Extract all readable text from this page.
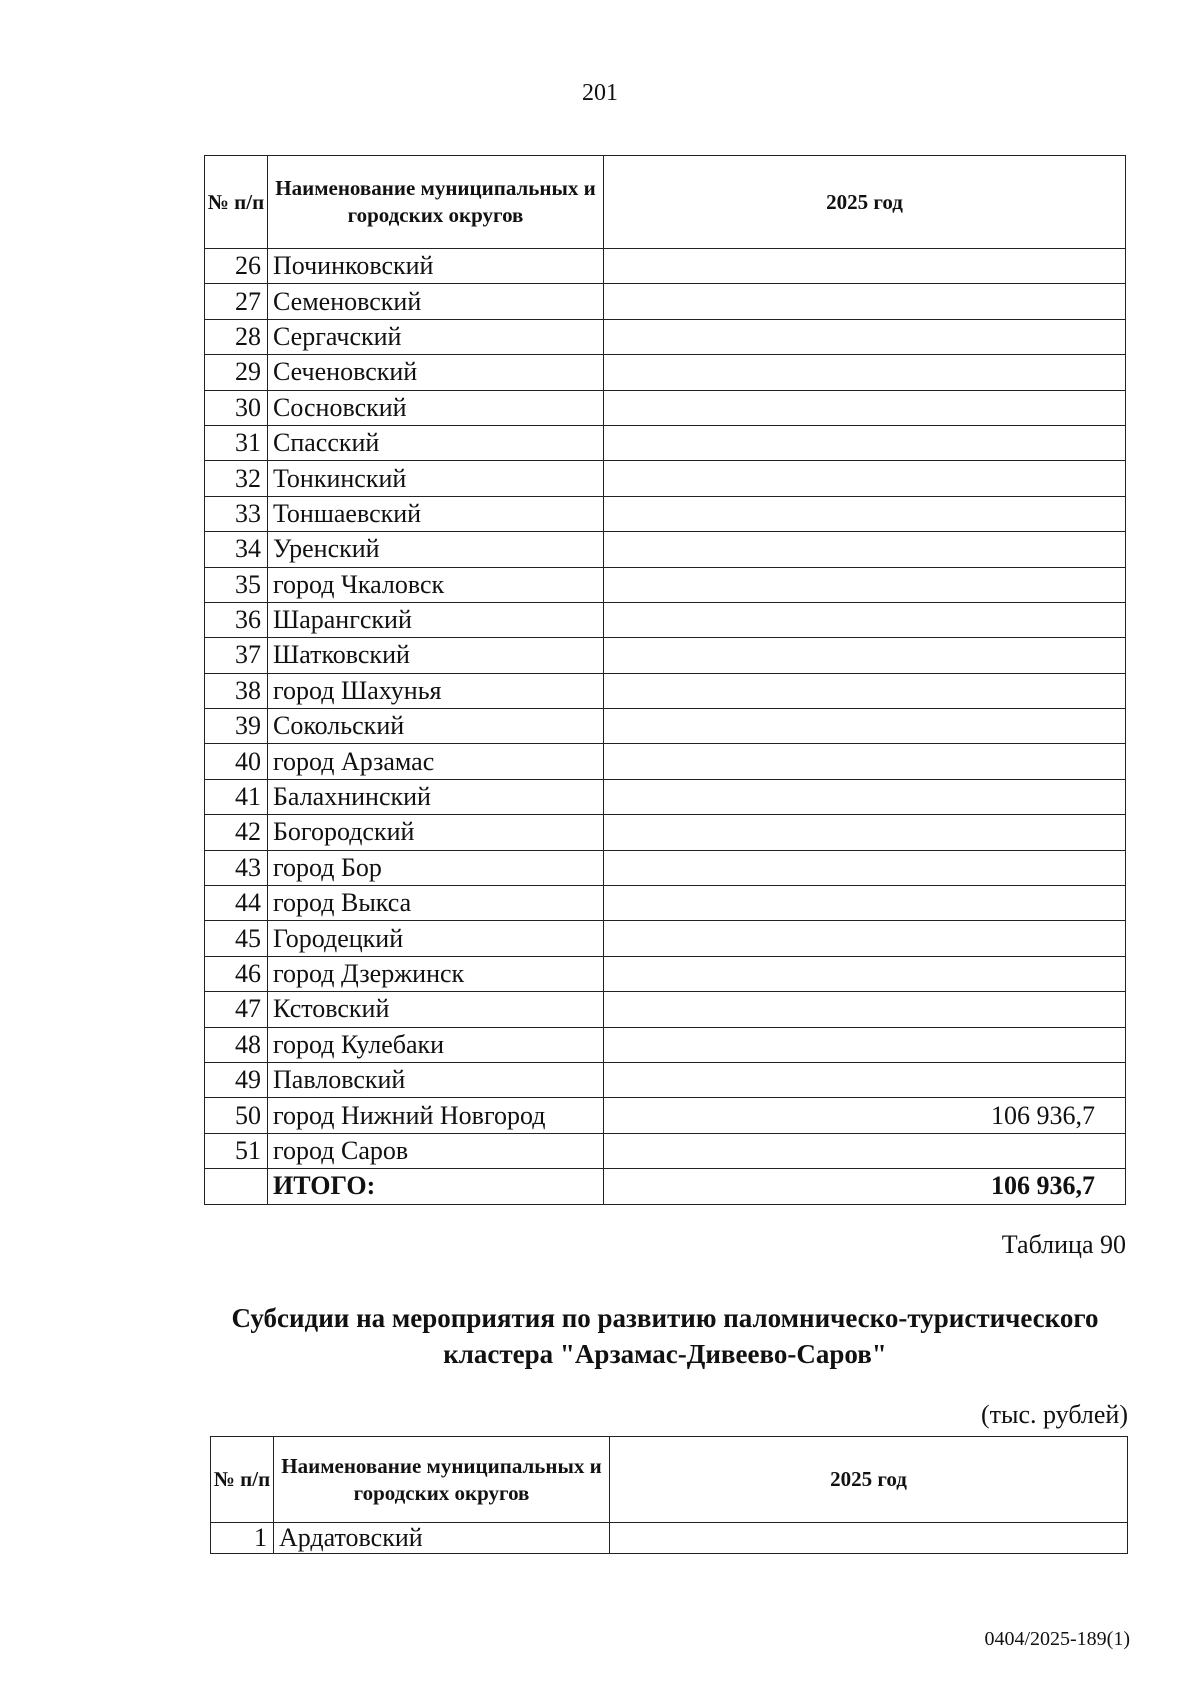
201
№ п/п	Наименование муниципальных и городских округов	2025 год
26	Починковский	
27	Семеновский	
28	Сергачский	
29	Сеченовский	
30	Сосновский	
31	Спасский	
32	Тонкинский	
33	Тоншаевский	
34	Уренский	
35	город Чкаловск	
36	Шарангский	
37	Шатковский	
38	город Шахунья	
39	Сокольский	
40	город Арзамас	
41	Балахнинский	
42	Богородский	
43	город Бор	
44	город Выкса	
45	Городецкий	
46	город Дзержинск	
47	Кстовский	
48	город Кулебаки	
49	Павловский	
50	город Нижний Новгород	106 936,7
51	город Саров	
	ИТОГО:	106 936,7
Таблица 90
Субсидии на мероприятия по развитию паломническо-туристического
кластера "Арзамас-Дивеево-Саров"
(тыс. рублей)
№ п/п	Наименование муниципальных и городских округов	2025 год
1	Ардатовский	
0404/2025-189(1)
